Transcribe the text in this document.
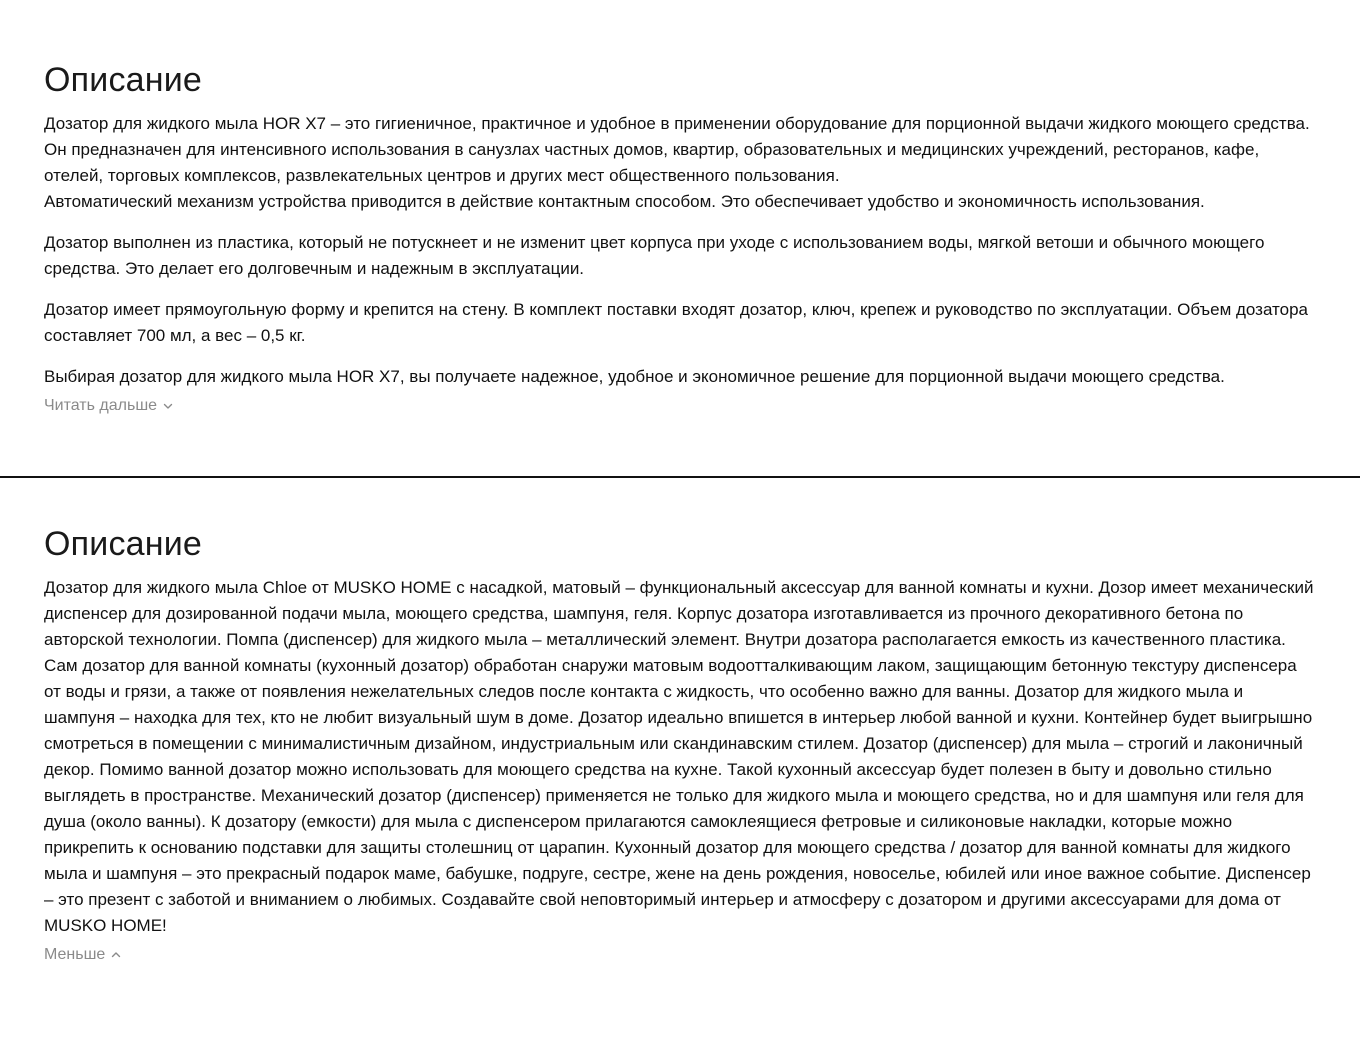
Описание

Дозатор для жидкого мыла HOR X7 – это гигиеничное, практичное и удобное в применении оборудование для порционной выдачи жидкого моющего средства. Он предназначен для интенсивного использования в санузлах частных домов, квартир, образовательных и медицинских учреждений, ресторанов, кафе, отелей, торговых комплексов, развлекательных центров и других мест общественного пользования.
Автоматический механизм устройства приводится в действие контактным способом. Это обеспечивает удобство и экономичность использования.

Дозатор выполнен из пластика, который не потускнеет и не изменит цвет корпуса при уходе с использованием воды, мягкой ветоши и обычного моющего средства. Это делает его долговечным и надежным в эксплуатации.

Дозатор имеет прямоугольную форму и крепится на стену. В комплект поставки входят дозатор, ключ, крепеж и руководство по эксплуатации. Объем дозатора составляет 700 мл, а вес – 0,5 кг.

Выбирая дозатор для жидкого мыла HOR X7, вы получаете надежное, удобное и экономичное решение для порционной выдачи моющего средства.

Читать дальше
Описание

Дозатор для жидкого мыла Chloe от MUSKO HOME с насадкой, матовый – функциональный аксессуар для ванной комнаты и кухни. Дозор имеет механический диспенсер для дозированной подачи мыла, моющего средства, шампуня, геля. Корпус дозатора изготавливается из прочного декоративного бетона по авторской технологии. Помпа (диспенсер) для жидкого мыла – металлический элемент. Внутри дозатора располагается емкость из качественного пластика. Сам дозатор для ванной комнаты (кухонный дозатор) обработан снаружи матовым водоотталкивающим лаком, защищающим бетонную текстуру диспенсера от воды и грязи, а также от появления нежелательных следов после контакта с жидкость, что особенно важно для ванны. Дозатор для жидкого мыла и шампуня – находка для тех, кто не любит визуальный шум в доме. Дозатор идеально впишется в интерьер любой ванной и кухни. Контейнер будет выигрышно смотреться в помещении с минималистичным дизайном, индустриальным или скандинавским стилем. Дозатор (диспенсер) для мыла – строгий и лаконичный декор. Помимо ванной дозатор можно использовать для моющего средства на кухне. Такой кухонный аксессуар будет полезен в быту и довольно стильно выглядеть в пространстве. Механический дозатор (диспенсер) применяется не только для жидкого мыла и моющего средства, но и для шампуня или геля для душа (около ванны). К дозатору (емкости) для мыла с диспенсером прилагаются самоклеящиеся фетровые и силиконовые накладки, которые можно прикрепить к основанию подставки для защиты столешниц от царапин. Кухонный дозатор для моющего средства / дозатор для ванной комнаты для жидкого мыла и шампуня – это прекрасный подарок маме, бабушке, подруге, сестре, жене на день рождения, новоселье, юбилей или иное важное событие. Диспенсер – это презент с заботой и вниманием о любимых. Создавайте свой неповторимый интерьер и атмосферу с дозатором и другими аксессуарами для дома от MUSKO HOME!

Меньше
